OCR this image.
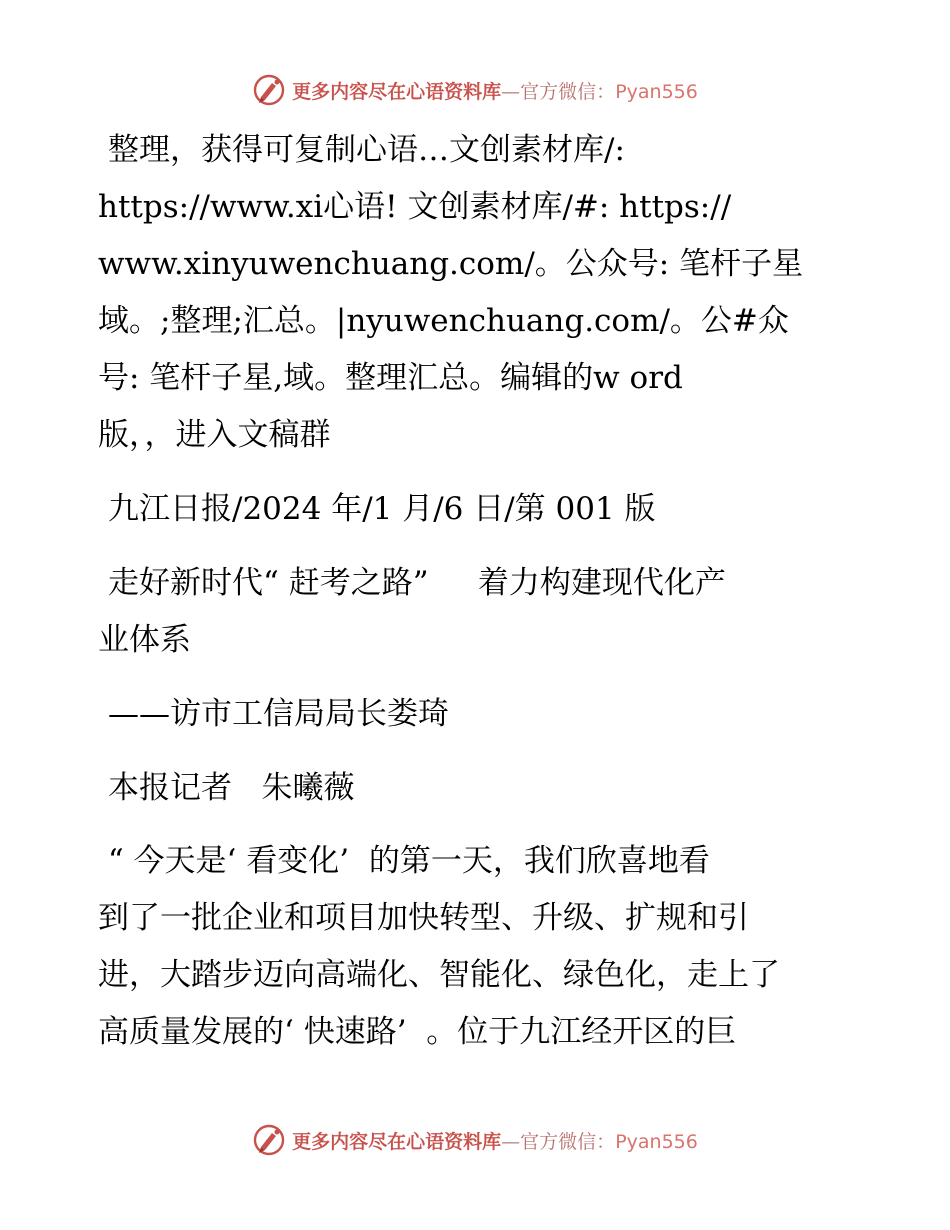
更多内容尽在心语资料库—官方微信：Pyan556

整理，获得可复制心语…文创素材库/:

https://www.xi心语! 文创素材库/#: https://

www.xinyuwenchuang.com/。公众号: 笔杆子星

域。;整理;汇总。|nyuwenchuang.com/。公#众

号: 笔杆子星,域。整理汇总。编辑的w ord

版，，进入文稿群

九江日报/2024 年/1 月/6 日/第 001 版

走好新时代“ 赶考之路”     着力构建现代化产

业体系

——访市工信局局长娄琦

本报记者   朱曦薇

“ 今天是‘ 看变化’  的第一天，我们欣喜地看

到了一批企业和项目加快转型、升级、扩规和引

进，大踏步迈向高端化、智能化、绿色化，走上了

高质量发展的‘ 快速路’  。位于九江经开区的巨

更多内容尽在心语资料库—官方微信：Pyan556
